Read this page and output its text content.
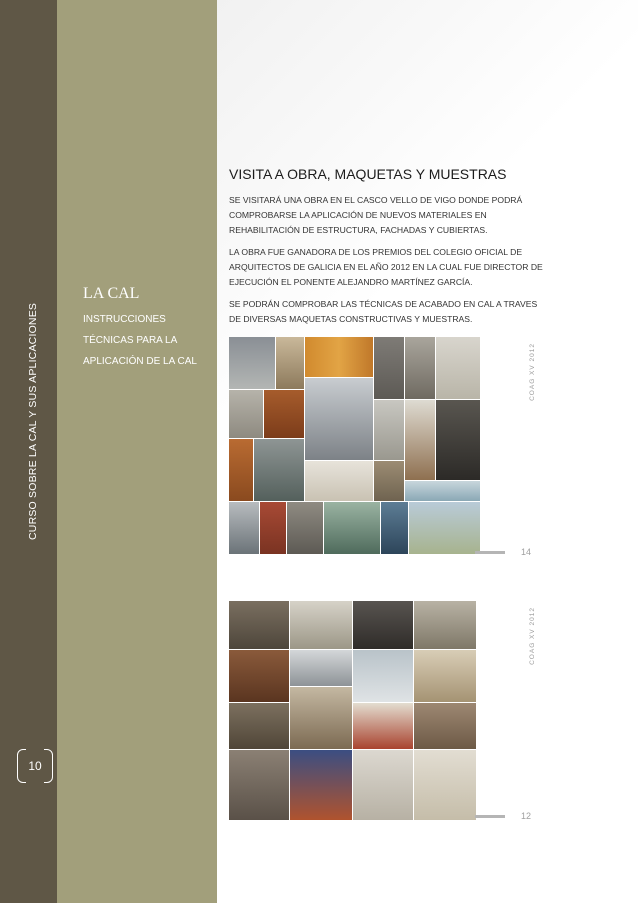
CURSO SOBRE LA CAL Y SUS APLICACIONES
10
LA CAL
INSTRUCCIONES
TÉCNICAS PARA LA
APLICACIÓN DE LA CAL
VISITA A OBRA, MAQUETAS Y MUESTRAS
SE VISITARÁ UNA OBRA EN EL CASCO VELLO DE VIGO DONDE PODRÁ COMPROBARSE LA APLICACIÓN DE NUEVOS MATERIALES EN REHABILITACIÓN DE ESTRUCTURA, FACHADAS Y CUBIERTAS.
LA OBRA FUE GANADORA DE LOS PREMIOS DEL COLEGIO OFICIAL DE ARQUITECTOS DE GALICIA EN EL AÑO 2012 EN LA CUAL FUE DIRECTOR DE EJECUCIÓN EL PONENTE ALEJANDRO MARTÍNEZ GARCÍA.
SE PODRÁN COMPROBAR LAS TÉCNICAS DE ACABADO EN CAL A TRAVES DE DIVERSAS MAQUETAS CONSTRUCTIVAS Y MUESTRAS.
COAG XV 2012
14
COAG XV 2012
12
